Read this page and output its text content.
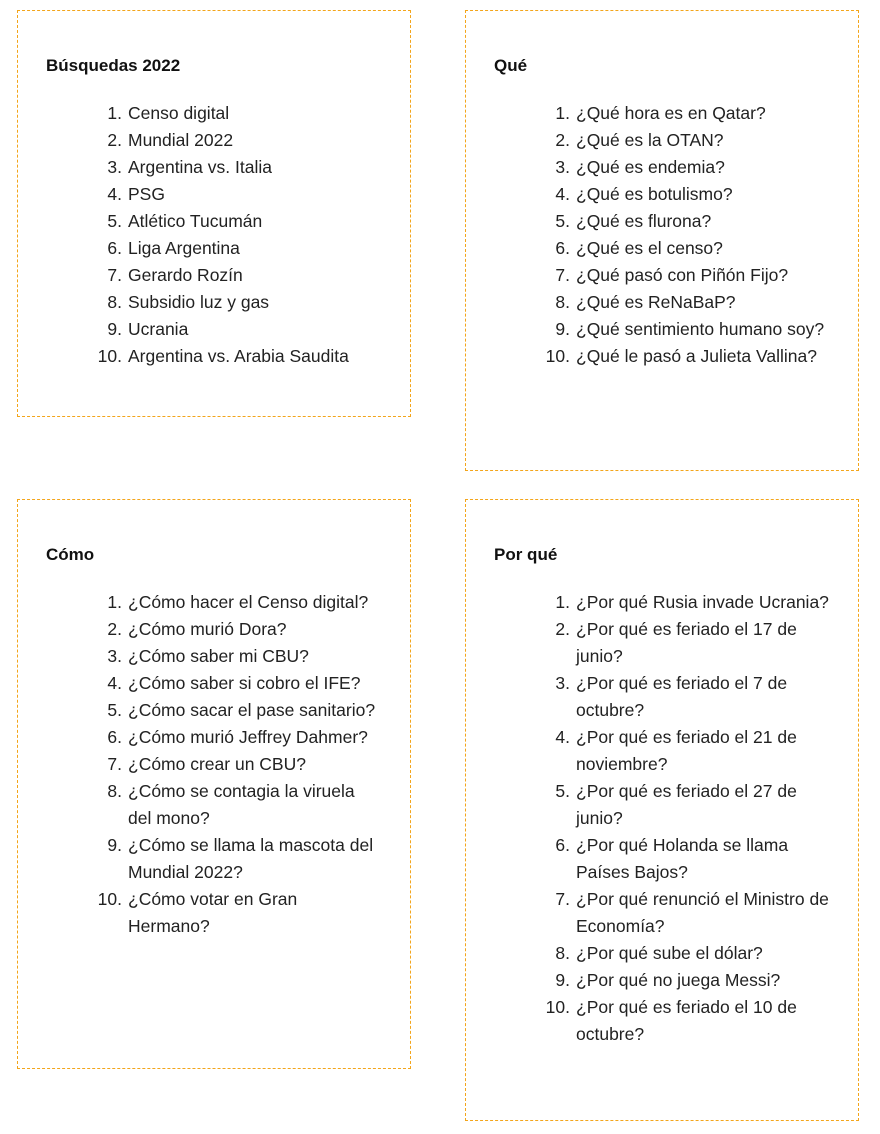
Búsquedas 2022
1. Censo digital
2. Mundial 2022
3. Argentina vs. Italia
4. PSG
5. Atlético Tucumán
6. Liga Argentina
7. Gerardo Rozín
8. Subsidio luz y gas
9. Ucrania
10. Argentina vs. Arabia Saudita
Qué
1. ¿Qué hora es en Qatar?
2. ¿Qué es la OTAN?
3. ¿Qué es endemia?
4. ¿Qué es botulismo?
5. ¿Qué es flurona?
6. ¿Qué es el censo?
7. ¿Qué pasó con Piñón Fijo?
8. ¿Qué es ReNaBaP?
9. ¿Qué sentimiento humano soy?
10. ¿Qué le pasó a Julieta Vallina?
Cómo
1. ¿Cómo hacer el Censo digital?
2. ¿Cómo murió Dora?
3. ¿Cómo saber mi CBU?
4. ¿Cómo saber si cobro el IFE?
5. ¿Cómo sacar el pase sanitario?
6. ¿Cómo murió Jeffrey Dahmer?
7. ¿Cómo crear un CBU?
8. ¿Cómo se contagia la viruela del mono?
9. ¿Cómo se llama la mascota del Mundial 2022?
10. ¿Cómo votar en Gran Hermano?
Por qué
1. ¿Por qué Rusia invade Ucrania?
2. ¿Por qué es feriado el 17 de junio?
3. ¿Por qué es feriado el 7 de octubre?
4. ¿Por qué es feriado el 21 de noviembre?
5. ¿Por qué es feriado el 27 de junio?
6. ¿Por qué Holanda se llama Países Bajos?
7. ¿Por qué renunció el Ministro de Economía?
8. ¿Por qué sube el dólar?
9. ¿Por qué no juega Messi?
10. ¿Por qué es feriado el 10 de octubre?
